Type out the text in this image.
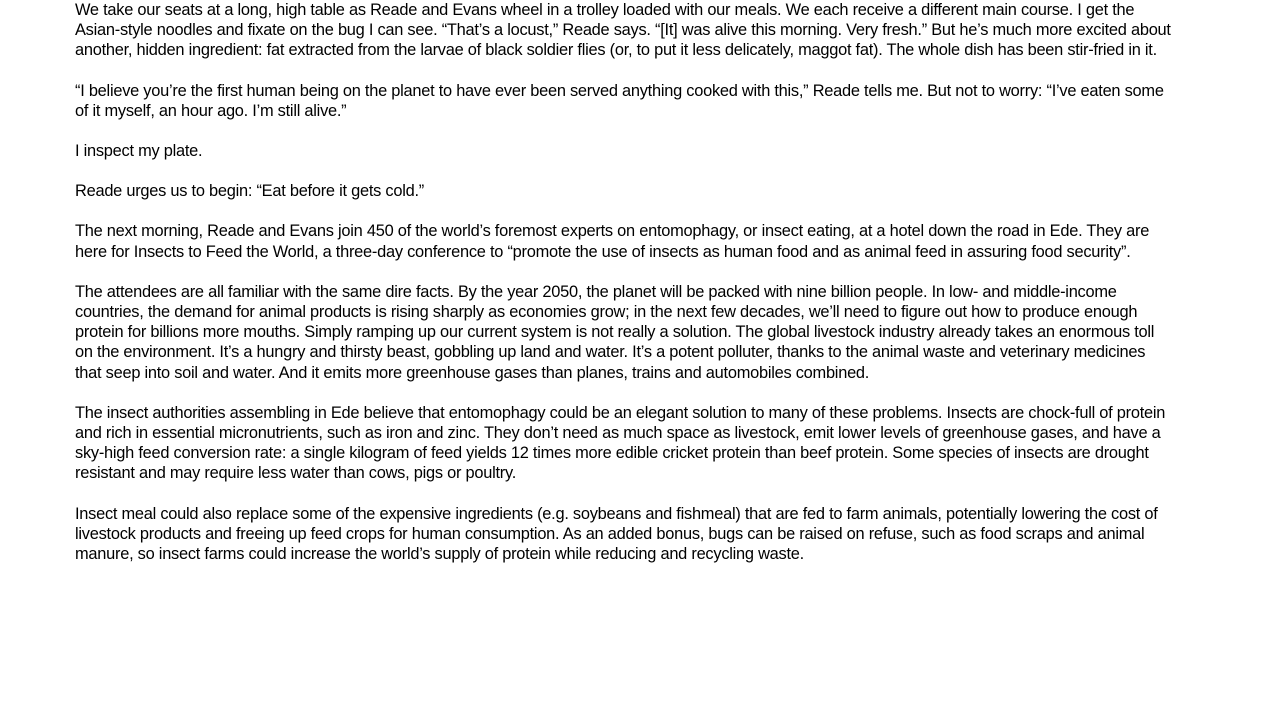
We take our seats at a long, high table as Reade and Evans wheel in a trolley loaded with our meals. We each receive a different main course. I get the Asian-style noodles and fixate on the bug I can see. “That’s a locust,” Reade says. “[It] was alive this morning. Very fresh.” But he’s much more excited about another, hidden ingredient: fat extracted from the larvae of black soldier flies (or, to put it less delicately, maggot fat). The whole dish has been stir-fried in it.

“I believe you’re the first human being on the planet to have ever been served anything cooked with this,” Reade tells me. But not to worry: “I’ve eaten some of it myself, an hour ago. I’m still alive.”

I inspect my plate.

Reade urges us to begin: “Eat before it gets cold.”

The next morning, Reade and Evans join 450 of the world’s foremost experts on entomophagy, or insect eating, at a hotel down the road in Ede. They are here for Insects to Feed the World, a three-day conference to “promote the use of insects as human food and as animal feed in assuring food security”.

The attendees are all familiar with the same dire facts. By the year 2050, the planet will be packed with nine billion people. In low- and middle-income countries, the demand for animal products is rising sharply as economies grow; in the next few decades, we’ll need to figure out how to produce enough protein for billions more mouths. Simply ramping up our current system is not really a solution. The global livestock industry already takes an enormous toll on the environment. It’s a hungry and thirsty beast, gobbling up land and water. It’s a potent polluter, thanks to the animal waste and veterinary medicines that seep into soil and water. And it emits more greenhouse gases than planes, trains and automobiles combined.

The insect authorities assembling in Ede believe that entomophagy could be an elegant solution to many of these problems. Insects are chock-full of protein and rich in essential micronutrients, such as iron and zinc. They don’t need as much space as livestock, emit lower levels of greenhouse gases, and have a sky-high feed conversion rate: a single kilogram of feed yields 12 times more edible cricket protein than beef protein. Some species of insects are drought resistant and may require less water than cows, pigs or poultry.

Insect meal could also replace some of the expensive ingredients (e.g. soybeans and fishmeal) that are fed to farm animals, potentially lowering the cost of livestock products and freeing up feed crops for human consumption. As an added bonus, bugs can be raised on refuse, such as food scraps and animal manure, so insect farms could increase the world’s supply of protein while reducing and recycling waste.
